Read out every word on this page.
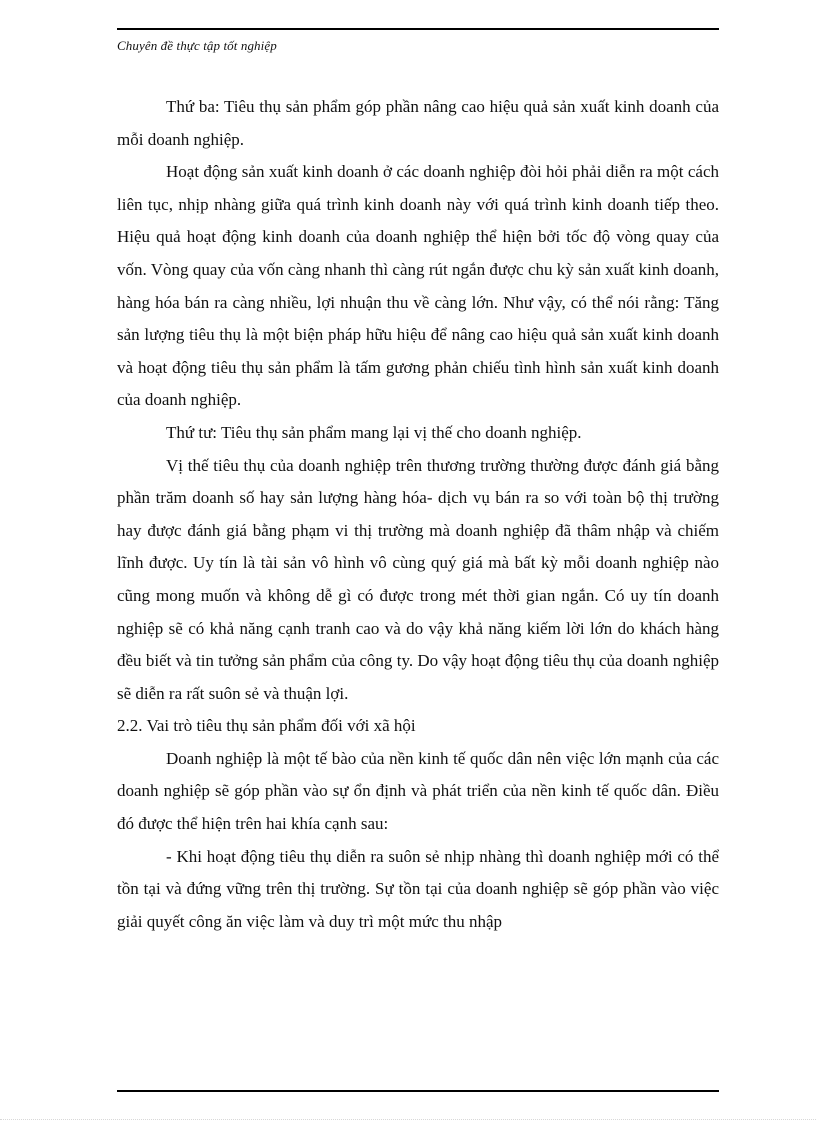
Chuyên đề thực tập tốt nghiệp

Thứ ba: Tiêu thụ sản phẩm góp phần nâng cao hiệu quả sản xuất kinh doanh của mỗi doanh nghiệp.

Hoạt động sản xuất kinh doanh ở các doanh nghiệp đòi hỏi phải diễn ra một cách liên tục, nhịp nhàng giữa quá trình kinh doanh này với quá trình kinh doanh tiếp theo. Hiệu quả hoạt động kinh doanh của doanh nghiệp thể hiện bởi tốc độ vòng quay của vốn. Vòng quay của vốn càng nhanh thì càng rút ngắn được chu kỳ sản xuất kinh doanh, hàng hóa bán ra càng nhiều, lợi nhuận thu về càng lớn. Như vậy, có thể nói rằng: Tăng sản lượng tiêu thụ là một biện pháp hữu hiệu để nâng cao hiệu quả sản xuất kinh doanh và hoạt động tiêu thụ sản phẩm là tấm gương phản chiếu tình hình sản xuất kinh doanh của doanh nghiệp.

Thứ tư: Tiêu thụ sản phẩm mang lại vị thế cho doanh nghiệp.

Vị thế tiêu thụ của doanh nghiệp trên thương trường thường được đánh giá bằng phần trăm doanh số hay sản lượng hàng hóa- dịch vụ bán ra so với toàn bộ thị trường hay được đánh giá bằng phạm vi thị trường mà doanh nghiệp đã thâm nhập và chiếm lĩnh được. Uy tín là tài sản vô hình vô cùng quý giá mà bất kỳ mỗi doanh nghiệp nào cũng mong muốn và không dễ gì có được trong mét thời gian ngắn. Có uy tín doanh nghiệp sẽ có khả năng cạnh tranh cao và do vậy khả năng kiếm lời lớn do khách hàng đều biết và tin tưởng sản phẩm của công ty. Do vậy hoạt động tiêu thụ của doanh nghiệp sẽ diễn ra rất suôn sẻ và thuận lợi.

2.2. Vai trò tiêu thụ sản phẩm đối với xã hội

Doanh nghiệp là một tế bào của nền kinh tế quốc dân nên việc lớn mạnh của các doanh nghiệp sẽ góp phần vào sự ổn định và phát triển của nền kinh tế quốc dân. Điều đó được thể hiện trên hai khía cạnh sau:

- Khi hoạt động tiêu thụ diễn ra suôn sẻ nhịp nhàng thì doanh nghiệp mới có thể tồn tại và đứng vững trên thị trường. Sự tồn tại của doanh nghiệp sẽ góp phần vào việc giải quyết công ăn việc làm và duy trì một mức thu nhập
